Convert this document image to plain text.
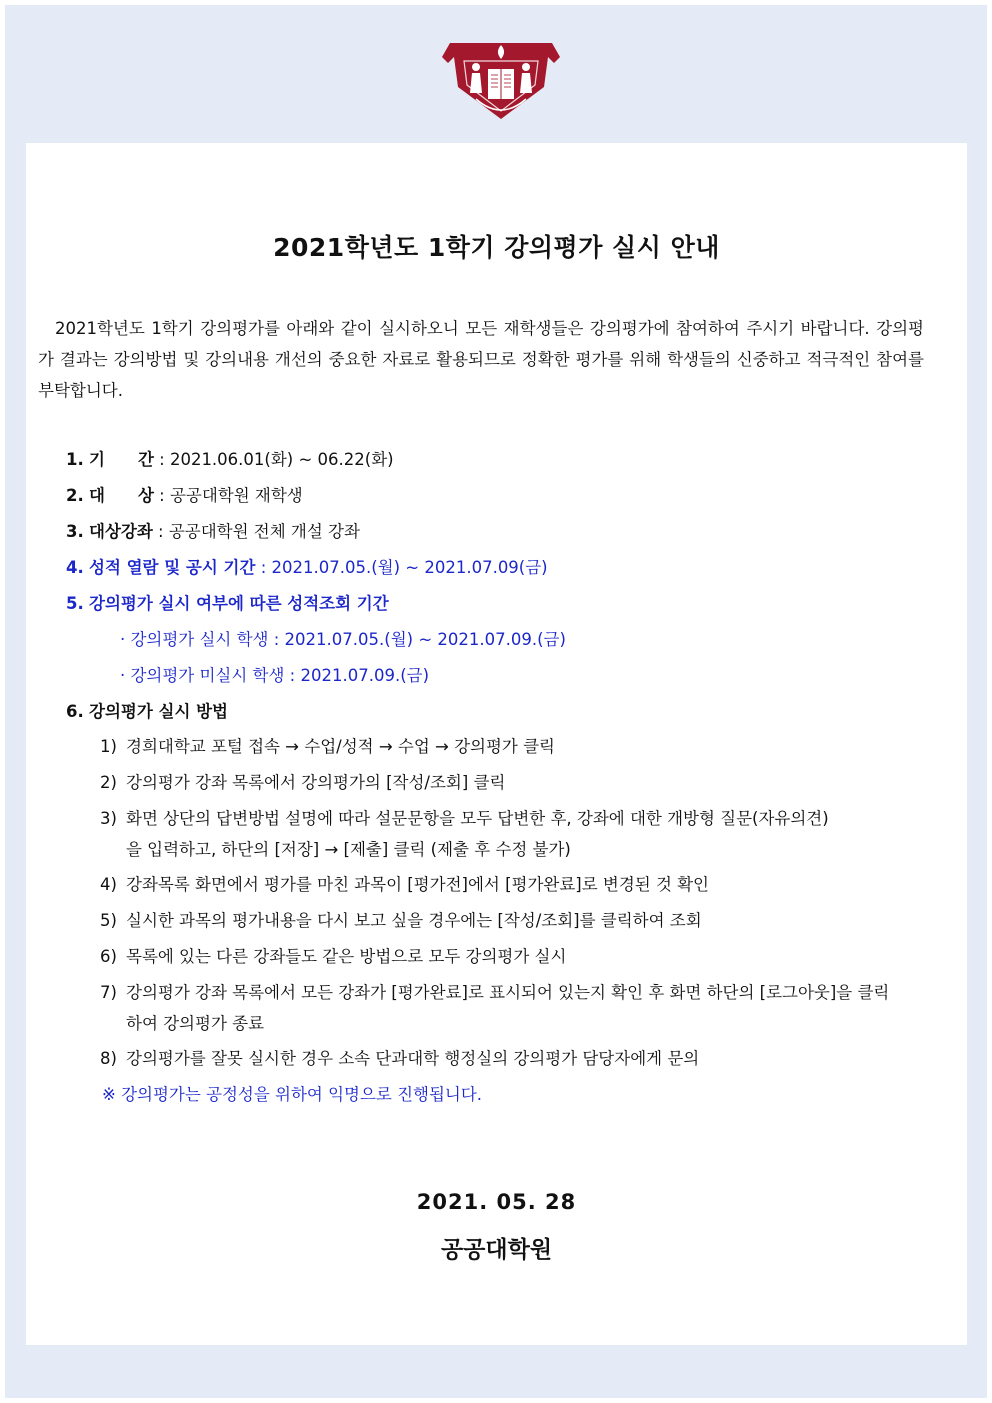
2021학년도 1학기 강의평가 실시 안내

2021학년도 1학기 강의평가를 아래와 같이 실시하오니 모든 재학생들은 강의평가에 참여하여 주시기 바랍니다. 강의평가 결과는 강의방법 및 강의내용 개선의 중요한 자료로 활용되므로 정확한 평가를 위해 학생들의 신중하고 적극적인 참여를 부탁합니다.

1. 기　　간 : 2021.06.01(화) ~ 06.22(화)
2. 대　　상 : 공공대학원 재학생
3. 대상강좌 : 공공대학원 전체 개설 강좌
4. 성적 열람 및 공시 기간 : 2021.07.05.(월) ~ 2021.07.09(금)
5. 강의평가 실시 여부에 따른 성적조회 기간
· 강의평가 실시 학생 : 2021.07.05.(월) ~ 2021.07.09.(금)
· 강의평가 미실시 학생 : 2021.07.09.(금)
6. 강의평가 실시 방법
1) 경희대학교 포털 접속 → 수업/성적 → 수업 → 강의평가 클릭
2) 강의평가 강좌 목록에서 강의평가의 [작성/조회] 클릭
3) 화면 상단의 답변방법 설명에 따라 설문문항을 모두 답변한 후, 강좌에 대한 개방형 질문(자유의견)을 입력하고, 하단의 [저장] → [제출] 클릭 (제출 후 수정 불가)
4) 강좌목록 화면에서 평가를 마친 과목이 [평가전]에서 [평가완료]로 변경된 것 확인
5) 실시한 과목의 평가내용을 다시 보고 싶을 경우에는 [작성/조회]를 클릭하여 조회
6) 목록에 있는 다른 강좌들도 같은 방법으로 모두 강의평가 실시
7) 강의평가 강좌 목록에서 모든 강좌가 [평가완료]로 표시되어 있는지 확인 후 화면 하단의 [로그아웃]을 클릭하여 강의평가 종료
8) 강의평가를 잘못 실시한 경우 소속 단과대학 행정실의 강의평가 담당자에게 문의
※ 강의평가는 공정성을 위하여 익명으로 진행됩니다.
2021. 05. 28
공공대학원
